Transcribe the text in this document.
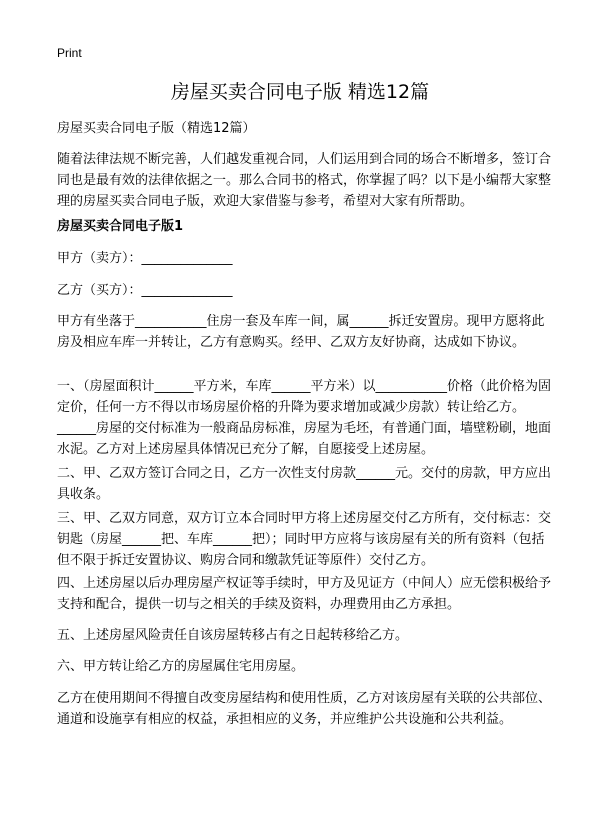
Print
房屋买卖合同电子版 精选12篇

房屋买卖合同电子版（精选12篇）

随着法律法规不断完善，人们越发重视合同，人们运用到合同的场合不断增多，签订合同也是最有效的法律依据之一。那么合同书的格式，你掌握了吗？以下是小编帮大家整理的房屋买卖合同电子版，欢迎大家借鉴与参考，希望对大家有所帮助。

房屋买卖合同电子版1

甲方（卖方）：______________

乙方（买方）：______________

甲方有坐落于___________住房一套及车库一间，属______拆迁安置房。现甲方愿将此房及相应车库一并转让，乙方有意购买。经甲、乙双方友好协商，达成如下协议。

一、（房屋面积计______平方米，车库______平方米）以___________价格（此价格为固定价，任何一方不得以市场房屋价格的升降为要求增加或减少房款）转让给乙方。______房屋的交付标准为一般商品房标准，房屋为毛坯，有普通门面，墙壁粉刷，地面水泥。乙方对上述房屋具体情况已充分了解，自愿接受上述房屋。

二、甲、乙双方签订合同之日，乙方一次性支付房款______元。交付的房款，甲方应出具收条。

三、甲、乙双方同意，双方订立本合同时甲方将上述房屋交付乙方所有，交付标志：交钥匙（房屋______把、车库______把）；同时甲方应将与该房屋有关的所有资料（包括但不限于拆迁安置协议、购房合同和缴款凭证等原件）交付乙方。

四、上述房屋以后办理房屋产权证等手续时，甲方及见证方（中间人）应无偿积极给予支持和配合，提供一切与之相关的手续及资料，办理费用由乙方承担。

五、上述房屋风险责任自该房屋转移占有之日起转移给乙方。

六、甲方转让给乙方的房屋属住宅用房屋。

乙方在使用期间不得擅自改变房屋结构和使用性质，乙方对该房屋有关联的公共部位、通道和设施享有相应的权益，承担相应的义务，并应维护公共设施和公共利益。
